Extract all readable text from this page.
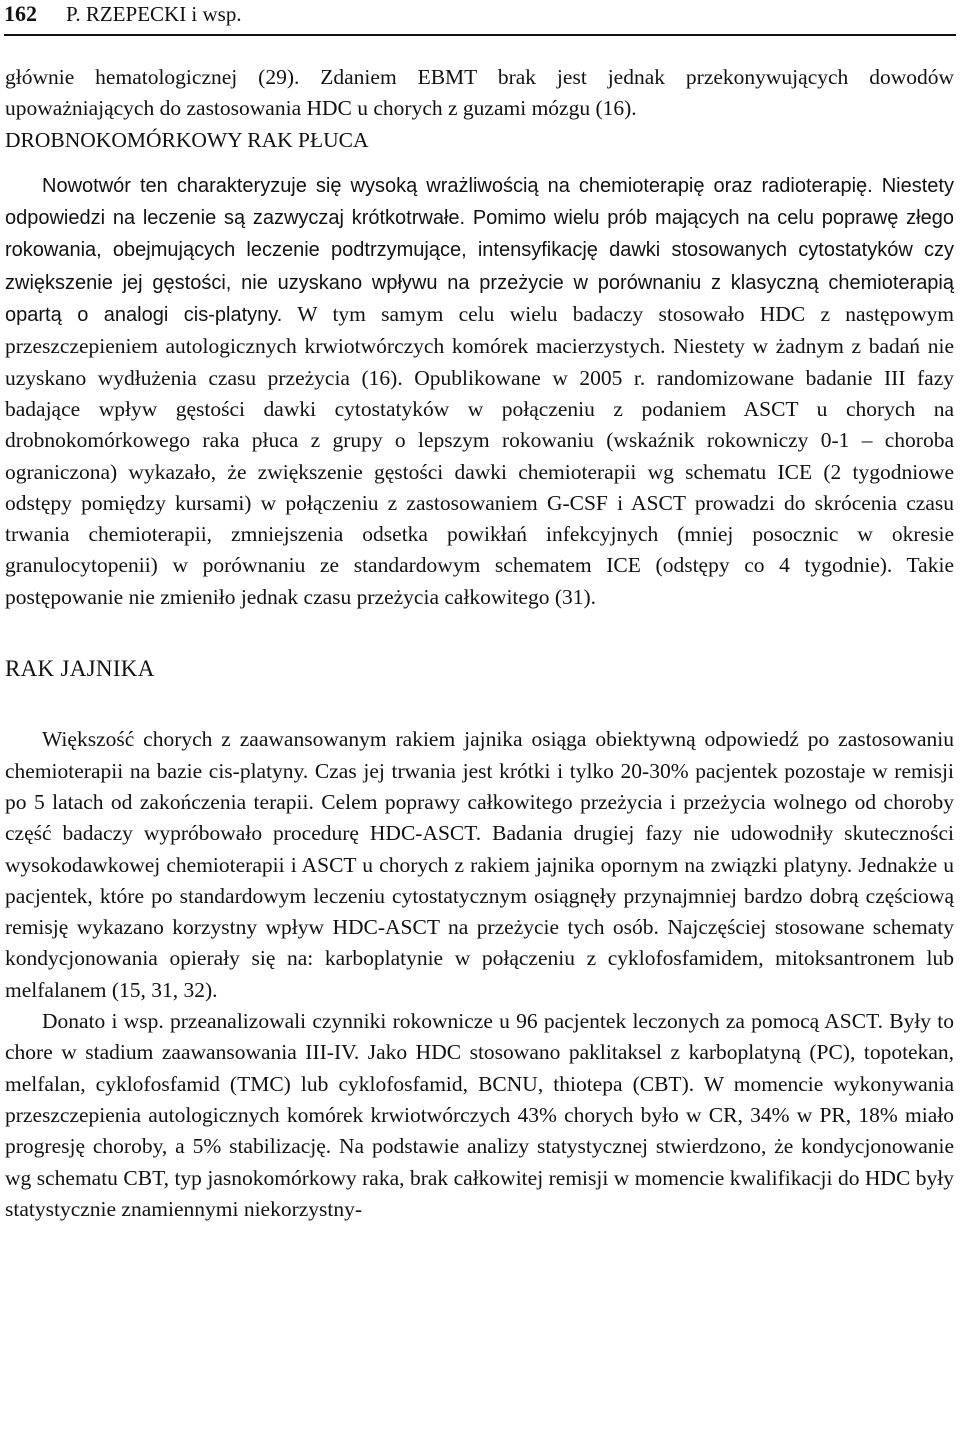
162 P. RZEPECKI i wsp.

głównie hematologicznej (29). Zdaniem EBMT brak jest jednak przekonywujących dowodów upoważniających do zastosowania HDC u chorych z guzami mózgu (16).

DROBNOKOMÓRKOWY RAK PŁUCA

Nowotwór ten charakteryzuje się wysoką wrażliwością na chemioterapię oraz radioterapię. Niestety odpowiedzi na leczenie są zazwyczaj krótkotrwałe. Pomimo wielu prób mających na celu poprawę złego rokowania, obejmujących leczenie podtrzymujące, intensyfikację dawki stosowanych cytostatyków czy zwiększenie jej gęstości, nie uzyskano wpływu na przeżycie w porównaniu z klasyczną chemioterapią opartą o analogi cis-platyny. W tym samym celu wielu badaczy stosowało HDC z następowym przeszczepieniem autologicznych krwiotwórczych komórek macierzystych. Niestety w żadnym z badań nie uzyskano wydłużenia czasu przeżycia (16). Opublikowane w 2005 r. randomizowane badanie III fazy badające wpływ gęstości dawki cytostatyków w połączeniu z podaniem ASCT u chorych na drobnokomórkowego raka płuca z grupy o lepszym rokowaniu (wskaźnik rokowniczy 0-1 – choroba ograniczona) wykazało, że zwiększenie gęstości dawki chemioterapii wg schematu ICE (2 tygodniowe odstępy pomiędzy kursami) w połączeniu z zastosowaniem G-CSF i ASCT prowadzi do skrócenia czasu trwania chemioterapii, zmniejszenia odsetka powikłań infekcyjnych (mniej posocznic w okresie granulocytopenii) w porównaniu ze standardowym schematem ICE (odstępy co 4 tygodnie). Takie postępowanie nie zmieniło jednak czasu przeżycia całkowitego (31).

RAK JAJNIKA

Większość chorych z zaawansowanym rakiem jajnika osiąga obiektywną odpowiedź po zastosowaniu chemioterapii na bazie cis-platyny. Czas jej trwania jest krótki i tylko 20-30% pacjentek pozostaje w remisji po 5 latach od zakończenia terapii. Celem poprawy całkowitego przeżycia i przeżycia wolnego od choroby część badaczy wypróbowało procedurę HDC-ASCT. Badania drugiej fazy nie udowodniły skuteczności wysokodawkowej chemioterapii i ASCT u chorych z rakiem jajnika opornym na związki platyny. Jednakże u pacjentek, które po standardowym leczeniu cytostatycznym osiągnęły przynajmniej bardzo dobrą częściową remisję wykazano korzystny wpływ HDC-ASCT na przeżycie tych osób. Najczęściej stosowane schematy kondycjonowania opierały się na: karboplatynie w połączeniu z cyklofosfamidem, mitoksantronem lub melfalanem (15, 31, 32).

Donato i wsp. przeanalizowali czynniki rokownicze u 96 pacjentek leczonych za pomocą ASCT. Były to chore w stadium zaawansowania III-IV. Jako HDC stosowano paklitaksel z karboplatyną (PC), topotekan, melfalan, cyklofosfamid (TMC) lub cyklofosfamid, BCNU, thiotepa (CBT). W momencie wykonywania przeszczepienia autologicznych komórek krwiotwórczych 43% chorych było w CR, 34% w PR, 18% miało progresję choroby, a 5% stabilizację. Na podstawie analizy statystycznej stwierdzono, że kondycjonowanie wg schematu CBT, typ jasnokomórkowy raka, brak całkowitej remisji w momencie kwalifikacji do HDC były statystycznie znamiennymi niekorzystny-
